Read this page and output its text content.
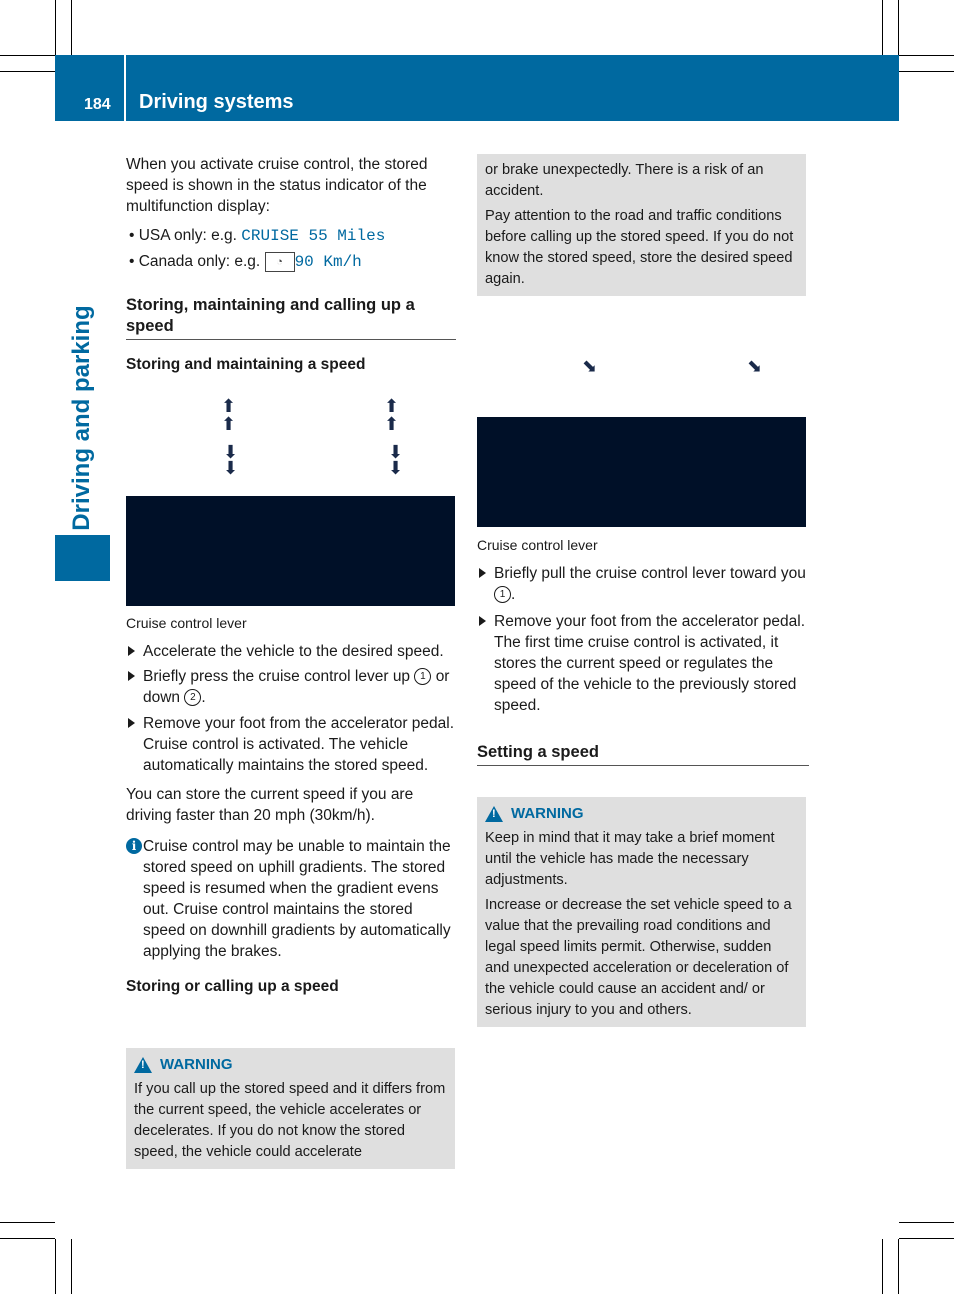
184 Driving systems
Driving and parking

When you activate cruise control, the stored speed is shown in the status indicator of the multifunction display:

• USA only: e.g. CRUISE 55 Miles

• Canada only: e.g. ◔ 90 Km/h

Storing, maintaining and calling up a speed

Storing and maintaining a speed

⬆
⬆
⬇
⬇
⬆
⬆
⬇
⬇
Cruise control lever

Accelerate the vehicle to the desired speed.

Briefly press the cruise control lever up 1 or down 2 .

Remove your foot from the accelerator pedal.
Cruise control is activated. The vehicle automatically maintains the stored speed.

You can store the current speed if you are driving faster than 20 mph (30km/h).

i Cruise control may be unable to maintain the stored speed on uphill gradients. The stored speed is resumed when the gradient evens out. Cruise control maintains the stored speed on downhill gradients by automatically applying the brakes.

Storing or calling up a speed

!
WARNING

If you call up the stored speed and it differs from the current speed, the vehicle accelerates or decelerates. If you do not know the stored speed, the vehicle could accelerate

or brake unexpectedly. There is a risk of an accident.

Pay attention to the road and traffic conditions before calling up the stored speed. If you do not know the stored speed, store the desired speed again.

⬊	⬊
Cruise control lever

Briefly pull the cruise control lever toward you 1 .

Remove your foot from the accelerator pedal.
The first time cruise control is activated, it stores the current speed or regulates the speed of the vehicle to the previously stored speed.

Setting a speed

!
WARNING

Keep in mind that it may take a brief moment until the vehicle has made the necessary adjustments.

Increase or decrease the set vehicle speed to a value that the prevailing road conditions and legal speed limits permit. Otherwise, sudden and unexpected acceleration or deceleration of the vehicle could cause an accident and/ or serious injury to you and others.
